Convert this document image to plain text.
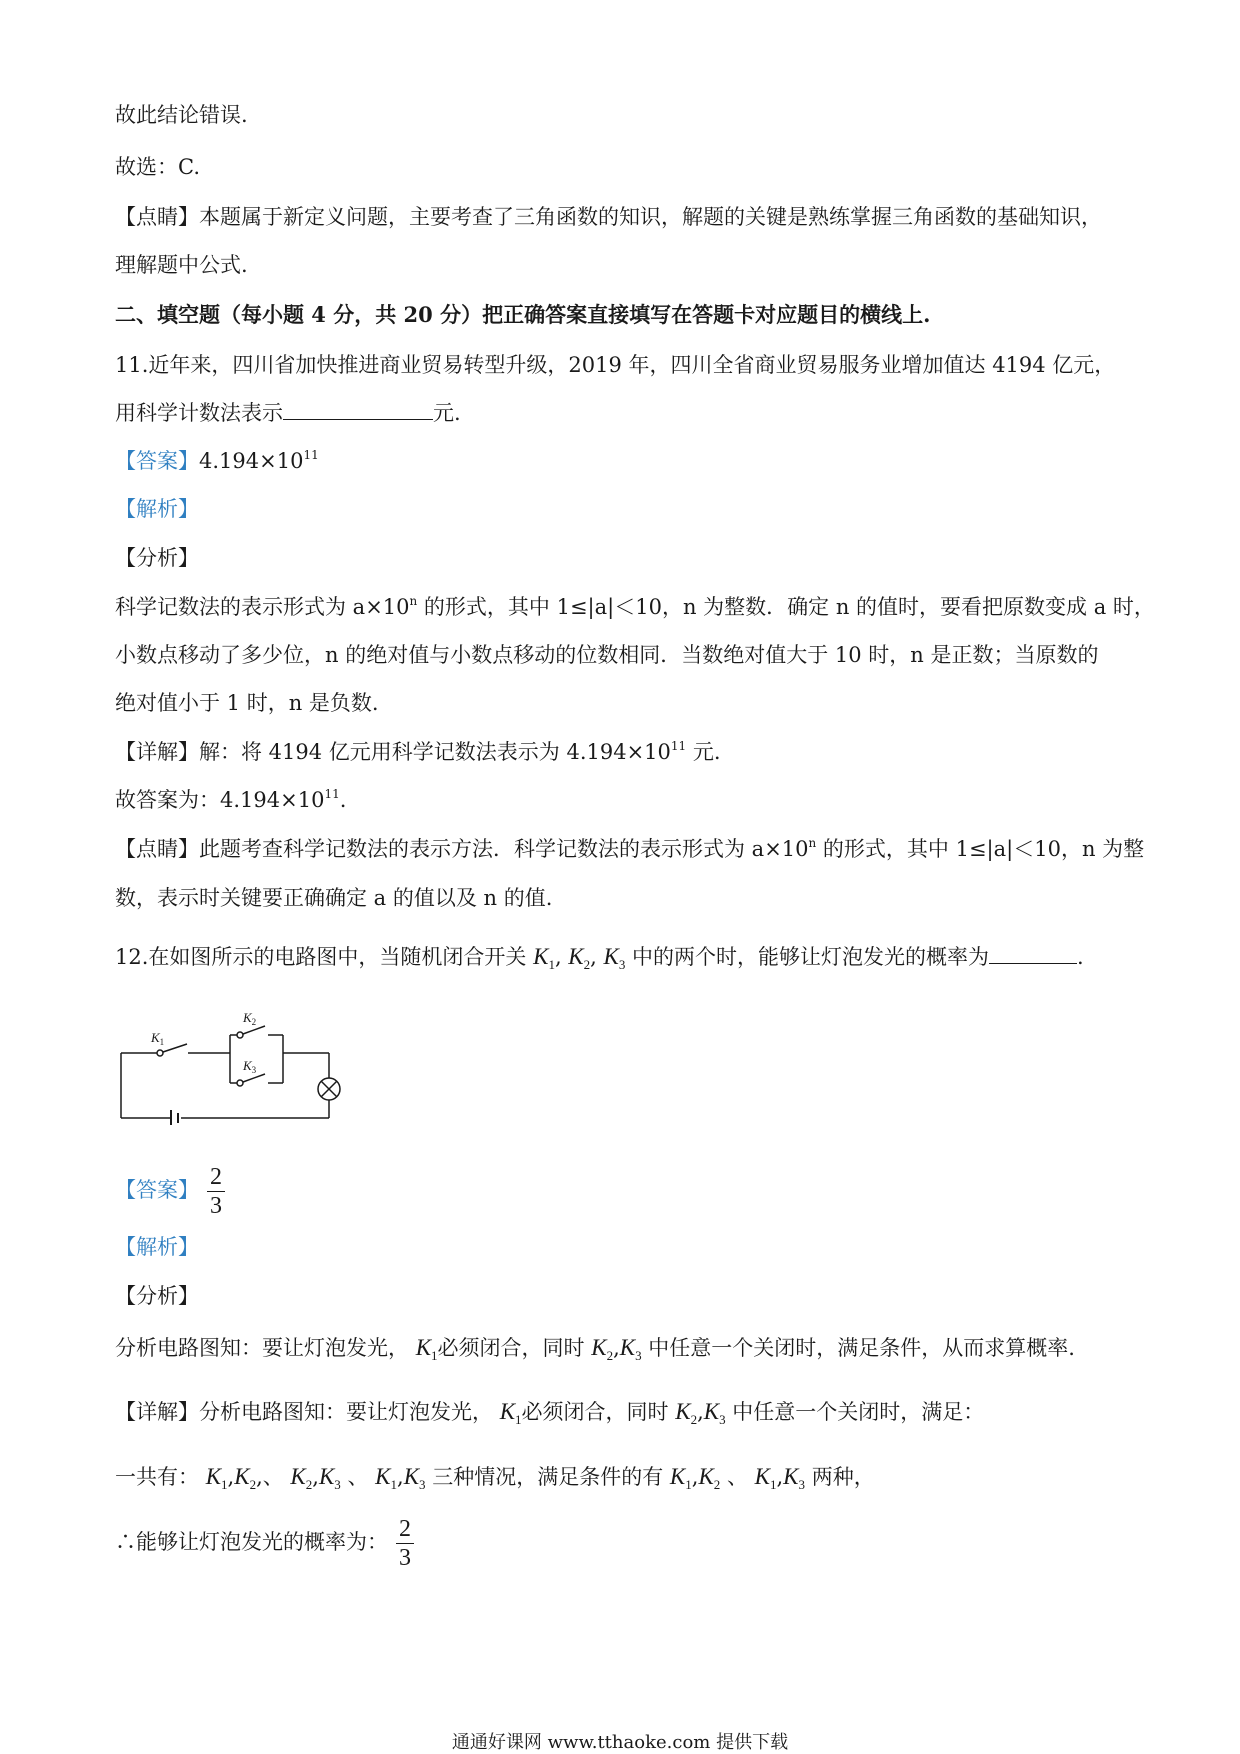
故此结论错误.
故选：C.
【点睛】本题属于新定义问题，主要考查了三角函数的知识，解题的关键是熟练掌握三角函数的基础知识，
理解题中公式.
二、填空题（每小题 4 分，共 20 分）把正确答案直接填写在答题卡对应题目的横线上.
11.近年来，四川省加快推进商业贸易转型升级，2019 年，四川全省商业贸易服务业增加值达 4194 亿元，
用科学计数法表示	元.
【答案】$4.194\times 10^{11}$
【解析】
【分析】
科学记数法的表示形式为 $a\times 10^n$ 的形式，其中 1≤|a|＜10，n 为整数．确定 n 的值时，要看把原数变成 a 时，
小数点移动了多少位，n 的绝对值与小数点移动的位数相同．当数绝对值大于 10 时，n 是正数；当原数的
绝对值小于 1 时，n 是负数.
【详解】解：将 4194 亿元用科学记数法表示为 $4.194\times 10^{11}$ 元.
故答案为：$4.194\times 10^{11}$.
【点睛】此题考查科学记数法的表示方法．科学记数法的表示形式为 $a\times 10^n$ 的形式，其中 1≤|a|＜10，n 为整
数，表示时关键要正确确定 a 的值以及 n 的值.
12.在如图所示的电路图中，当随机闭合开关 $K_1$, $K_2$, $K_3$ 中的两个时，能够让灯泡发光的概率为	.
$K_1$
$K_2$
$K_3$
【答案】 $\frac{2}{3}$
【解析】
【分析】
分析电路图知：要让灯泡发光， $K_1$必须闭合，同时 $K_2,K_3$ 中任意一个关闭时，满足条件，从而求算概率.
【详解】分析电路图知：要让灯泡发光， $K_1$必须闭合，同时 $K_2,K_3$ 中任意一个关闭时，满足：
一共有： $K_1,K_2$,、 $K_2,K_3$ 、 $K_1,K_3$ 三种情况，满足条件的有 $K_1,K_2$ 、 $K_1,K_3$ 两种，
∴能够让灯泡发光的概率为： $\frac{2}{3}$
通通好课网 www.tthaoke.com 提供下载
